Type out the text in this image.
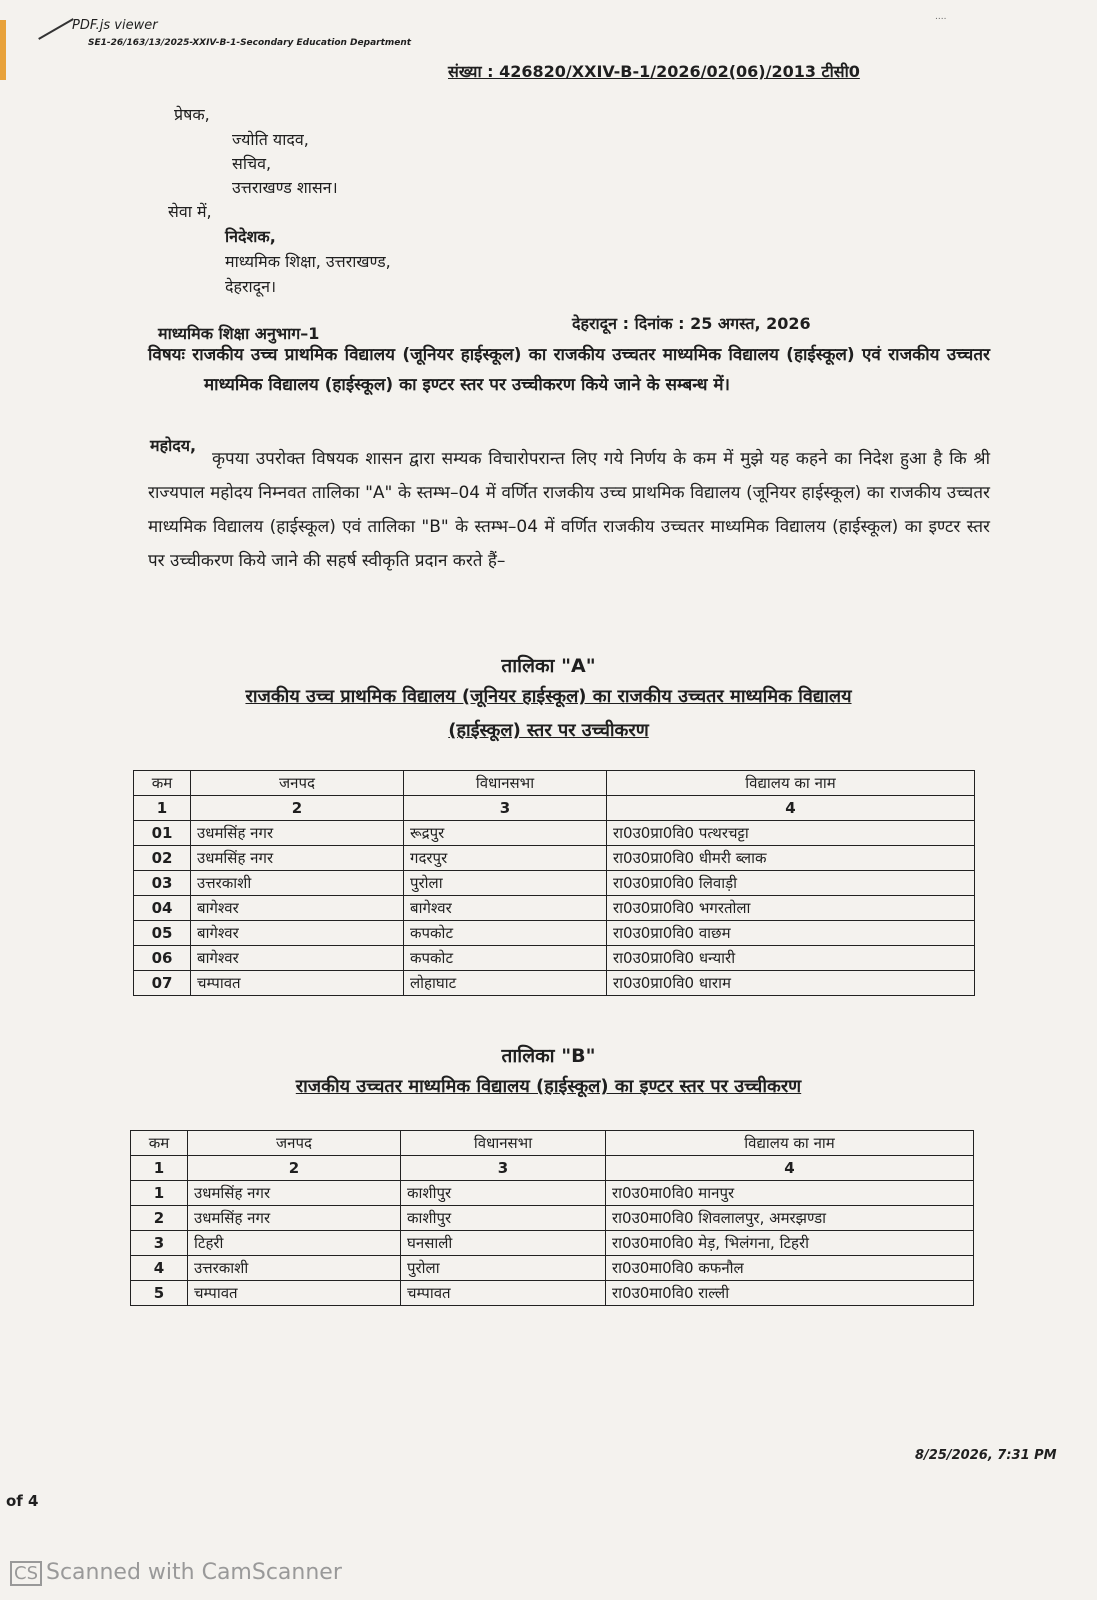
PDF.js viewer
SE1-26/163/13/2025-XXIV-B-1-Secondary Education Department
....
संख्या : 426820/XXIV-B-1/2026/02(06)/2013 टीसी0
प्रेषक,
ज्योति यादव,
सचिव,
उत्तराखण्ड शासन।
सेवा में,
निदेशक,
माध्यमिक शिक्षा, उत्तराखण्ड,
देहरादून।
माध्यमिक शिक्षा अनुभाग–1
देहरादून : दिनांक : 25 अगस्त, 2026
विषयः राजकीय उच्च प्राथमिक विद्यालय (जूनियर हाईस्कूल) का राजकीय उच्चतर माध्यमिक विद्यालय (हाईस्कूल) एवं राजकीय उच्चतर माध्यमिक विद्यालय (हाईस्कूल) का इण्टर स्तर पर उच्चीकरण किये जाने के सम्बन्ध में।
महोदय,
कृपया उपरोक्त विषयक शासन द्वारा सम्यक विचारोपरान्त लिए गये निर्णय के कम में मुझे यह कहने का निदेश हुआ है कि श्री राज्यपाल महोदय निम्नवत तालिका "A" के स्तम्भ–04 में वर्णित राजकीय उच्च प्राथमिक विद्यालय (जूनियर हाईस्कूल) का राजकीय उच्चतर माध्यमिक विद्यालय (हाईस्कूल) एवं तालिका "B" के स्तम्भ–04 में वर्णित राजकीय उच्चतर माध्यमिक विद्यालय (हाईस्कूल) का इण्टर स्तर पर उच्चीकरण किये जाने की सहर्ष स्वीकृति प्रदान करते हैं–
तालिका "A"
राजकीय उच्च प्राथमिक विद्यालय (जूनियर हाईस्कूल) का राजकीय उच्चतर माध्यमिक विद्यालय
(हाईस्कूल) स्तर पर उच्चीकरण
कम	जनपद	विधानसभा	विद्यालय का नाम
1	2	3	4
01	उधमसिंह नगर	रूद्रपुर	रा0उ0प्रा0वि0 पत्थरचट्टा
02	उधमसिंह नगर	गदरपुर	रा0उ0प्रा0वि0 धीमरी ब्लाक
03	उत्तरकाशी	पुरोला	रा0उ0प्रा0वि0 लिवाड़ी
04	बागेश्वर	बागेश्वर	रा0उ0प्रा0वि0 भगरतोला
05	बागेश्वर	कपकोट	रा0उ0प्रा0वि0 वाछम
06	बागेश्वर	कपकोट	रा0उ0प्रा0वि0 धन्यारी
07	चम्पावत	लोहाघाट	रा0उ0प्रा0वि0 धाराम
तालिका "B"
राजकीय उच्चतर माध्यमिक विद्यालय (हाईस्कूल) का इण्टर स्तर पर उच्चीकरण
कम	जनपद	विधानसभा	विद्यालय का नाम
1	2	3	4
1	उधमसिंह नगर	काशीपुर	रा0उ0मा0वि0 मानपुर
2	उधमसिंह नगर	काशीपुर	रा0उ0मा0वि0 शिवलालपुर, अमरझण्डा
3	टिहरी	घनसाली	रा0उ0मा0वि0 मेड़, भिलंगना, टिहरी
4	उत्तरकाशी	पुरोला	रा0उ0मा0वि0 कफनौल
5	चम्पावत	चम्पावत	रा0उ0मा0वि0 राल्ली
8/25/2026, 7:31 PM
of 4
CS Scanned with CamScanner
